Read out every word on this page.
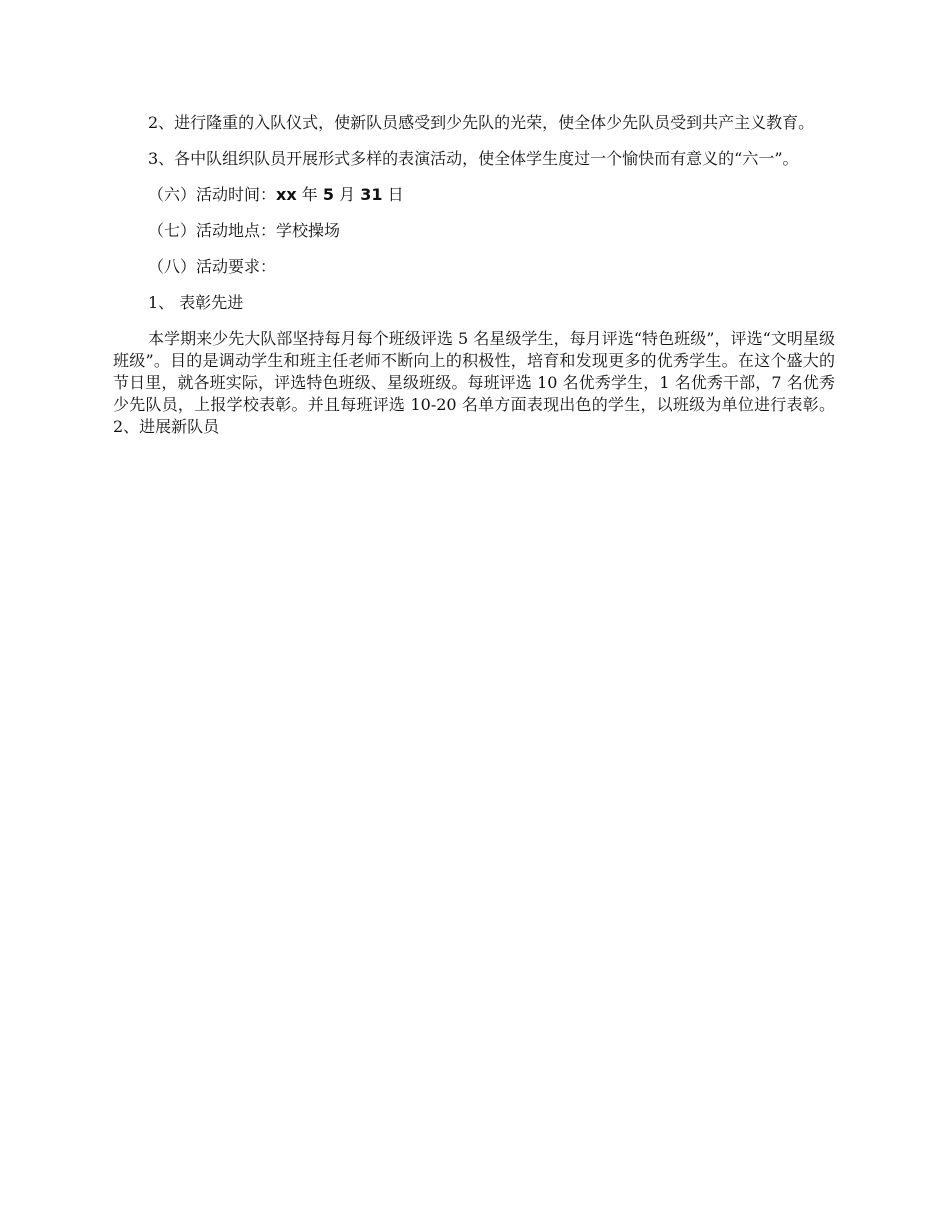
2、进行隆重的入队仪式，使新队员感受到少先队的光荣，使全体少先队员受到共产主义教育。

3、各中队组织队员开展形式多样的表演活动，使全体学生度过一个愉快而有意义的“六一”。

（六）活动时间：xx 年 5 月 31 日

（七）活动地点：学校操场

（八）活动要求：

1、 表彰先进

本学期来少先大队部坚持每月每个班级评选 5 名星级学生，每月评选“特色班级”，评选“文明星级班级”。目的是调动学生和班主任老师不断向上的积极性，培育和发现更多的优秀学生。在这个盛大的节日里，就各班实际，评选特色班级、星级班级。每班评选 10 名优秀学生，1 名优秀干部，7 名优秀少先队员，上报学校表彰。并且每班评选 10-20 名单方面表现出色的学生，以班级为单位进行表彰。 2、进展新队员
